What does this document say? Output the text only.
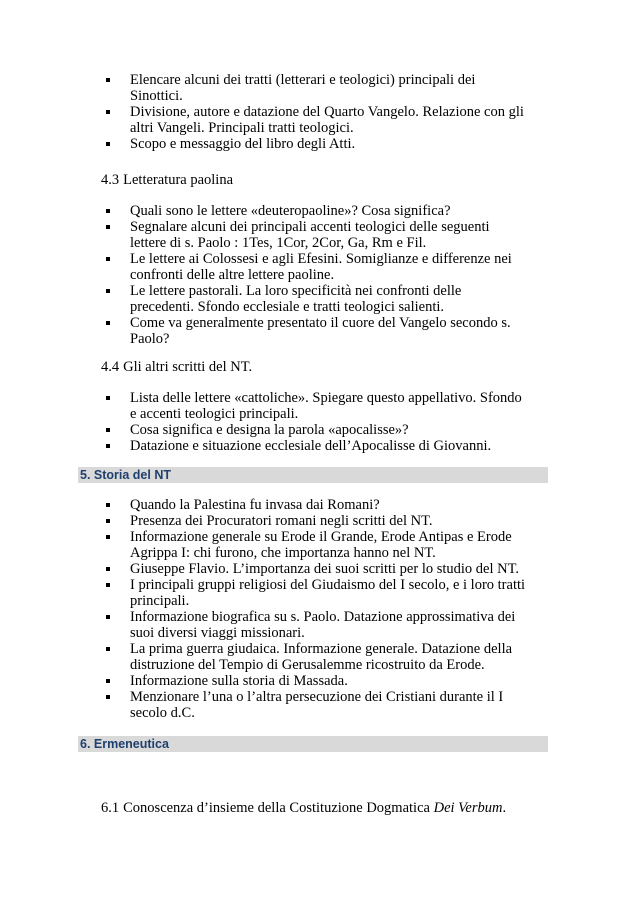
Elencare alcuni dei tratti (letterari e teologici) principali dei
Sinottici.
Divisione, autore e datazione del Quarto Vangelo. Relazione con gli
altri Vangeli. Principali tratti teologici.
Scopo e messaggio del libro degli Atti.
4.3 Letteratura paolina
Quali sono le lettere «deuteropaoline»? Cosa significa?
Segnalare alcuni dei principali accenti teologici delle seguenti
lettere di s. Paolo : 1Tes, 1Cor, 2Cor, Ga, Rm e Fil.
Le lettere ai Colossesi e agli Efesini. Somiglianze e differenze nei
confronti delle altre lettere paoline.
Le lettere pastorali. La loro specificità nei confronti delle
precedenti. Sfondo ecclesiale e tratti teologici salienti.
Come va generalmente presentato il cuore del Vangelo secondo s.
Paolo?
4.4 Gli altri scritti del NT.
Lista delle lettere «cattoliche». Spiegare questo appellativo. Sfondo
e accenti teologici principali.
Cosa significa e designa la parola «apocalisse»?
Datazione e situazione ecclesiale dell’Apocalisse di Giovanni.
5. Storia del NT
Quando la Palestina fu invasa dai Romani?
Presenza dei Procuratori romani negli scritti del NT.
Informazione generale su Erode il Grande, Erode Antipas e Erode
Agrippa I: chi furono, che importanza hanno nel NT.
Giuseppe Flavio. L’importanza dei suoi scritti per lo studio del NT.
I principali gruppi religiosi del Giudaismo del I secolo, e i loro tratti
principali.
Informazione biografica su s. Paolo. Datazione approssimativa dei
suoi diversi viaggi missionari.
La prima guerra giudaica. Informazione generale. Datazione della
distruzione del Tempio di Gerusalemme ricostruito da Erode.
Informazione sulla storia di Massada.
Menzionare l’una o l’altra persecuzione dei Cristiani durante il I
secolo d.C.
6. Ermeneutica
6.1 Conoscenza d’insieme della Costituzione Dogmatica Dei Verbum.
